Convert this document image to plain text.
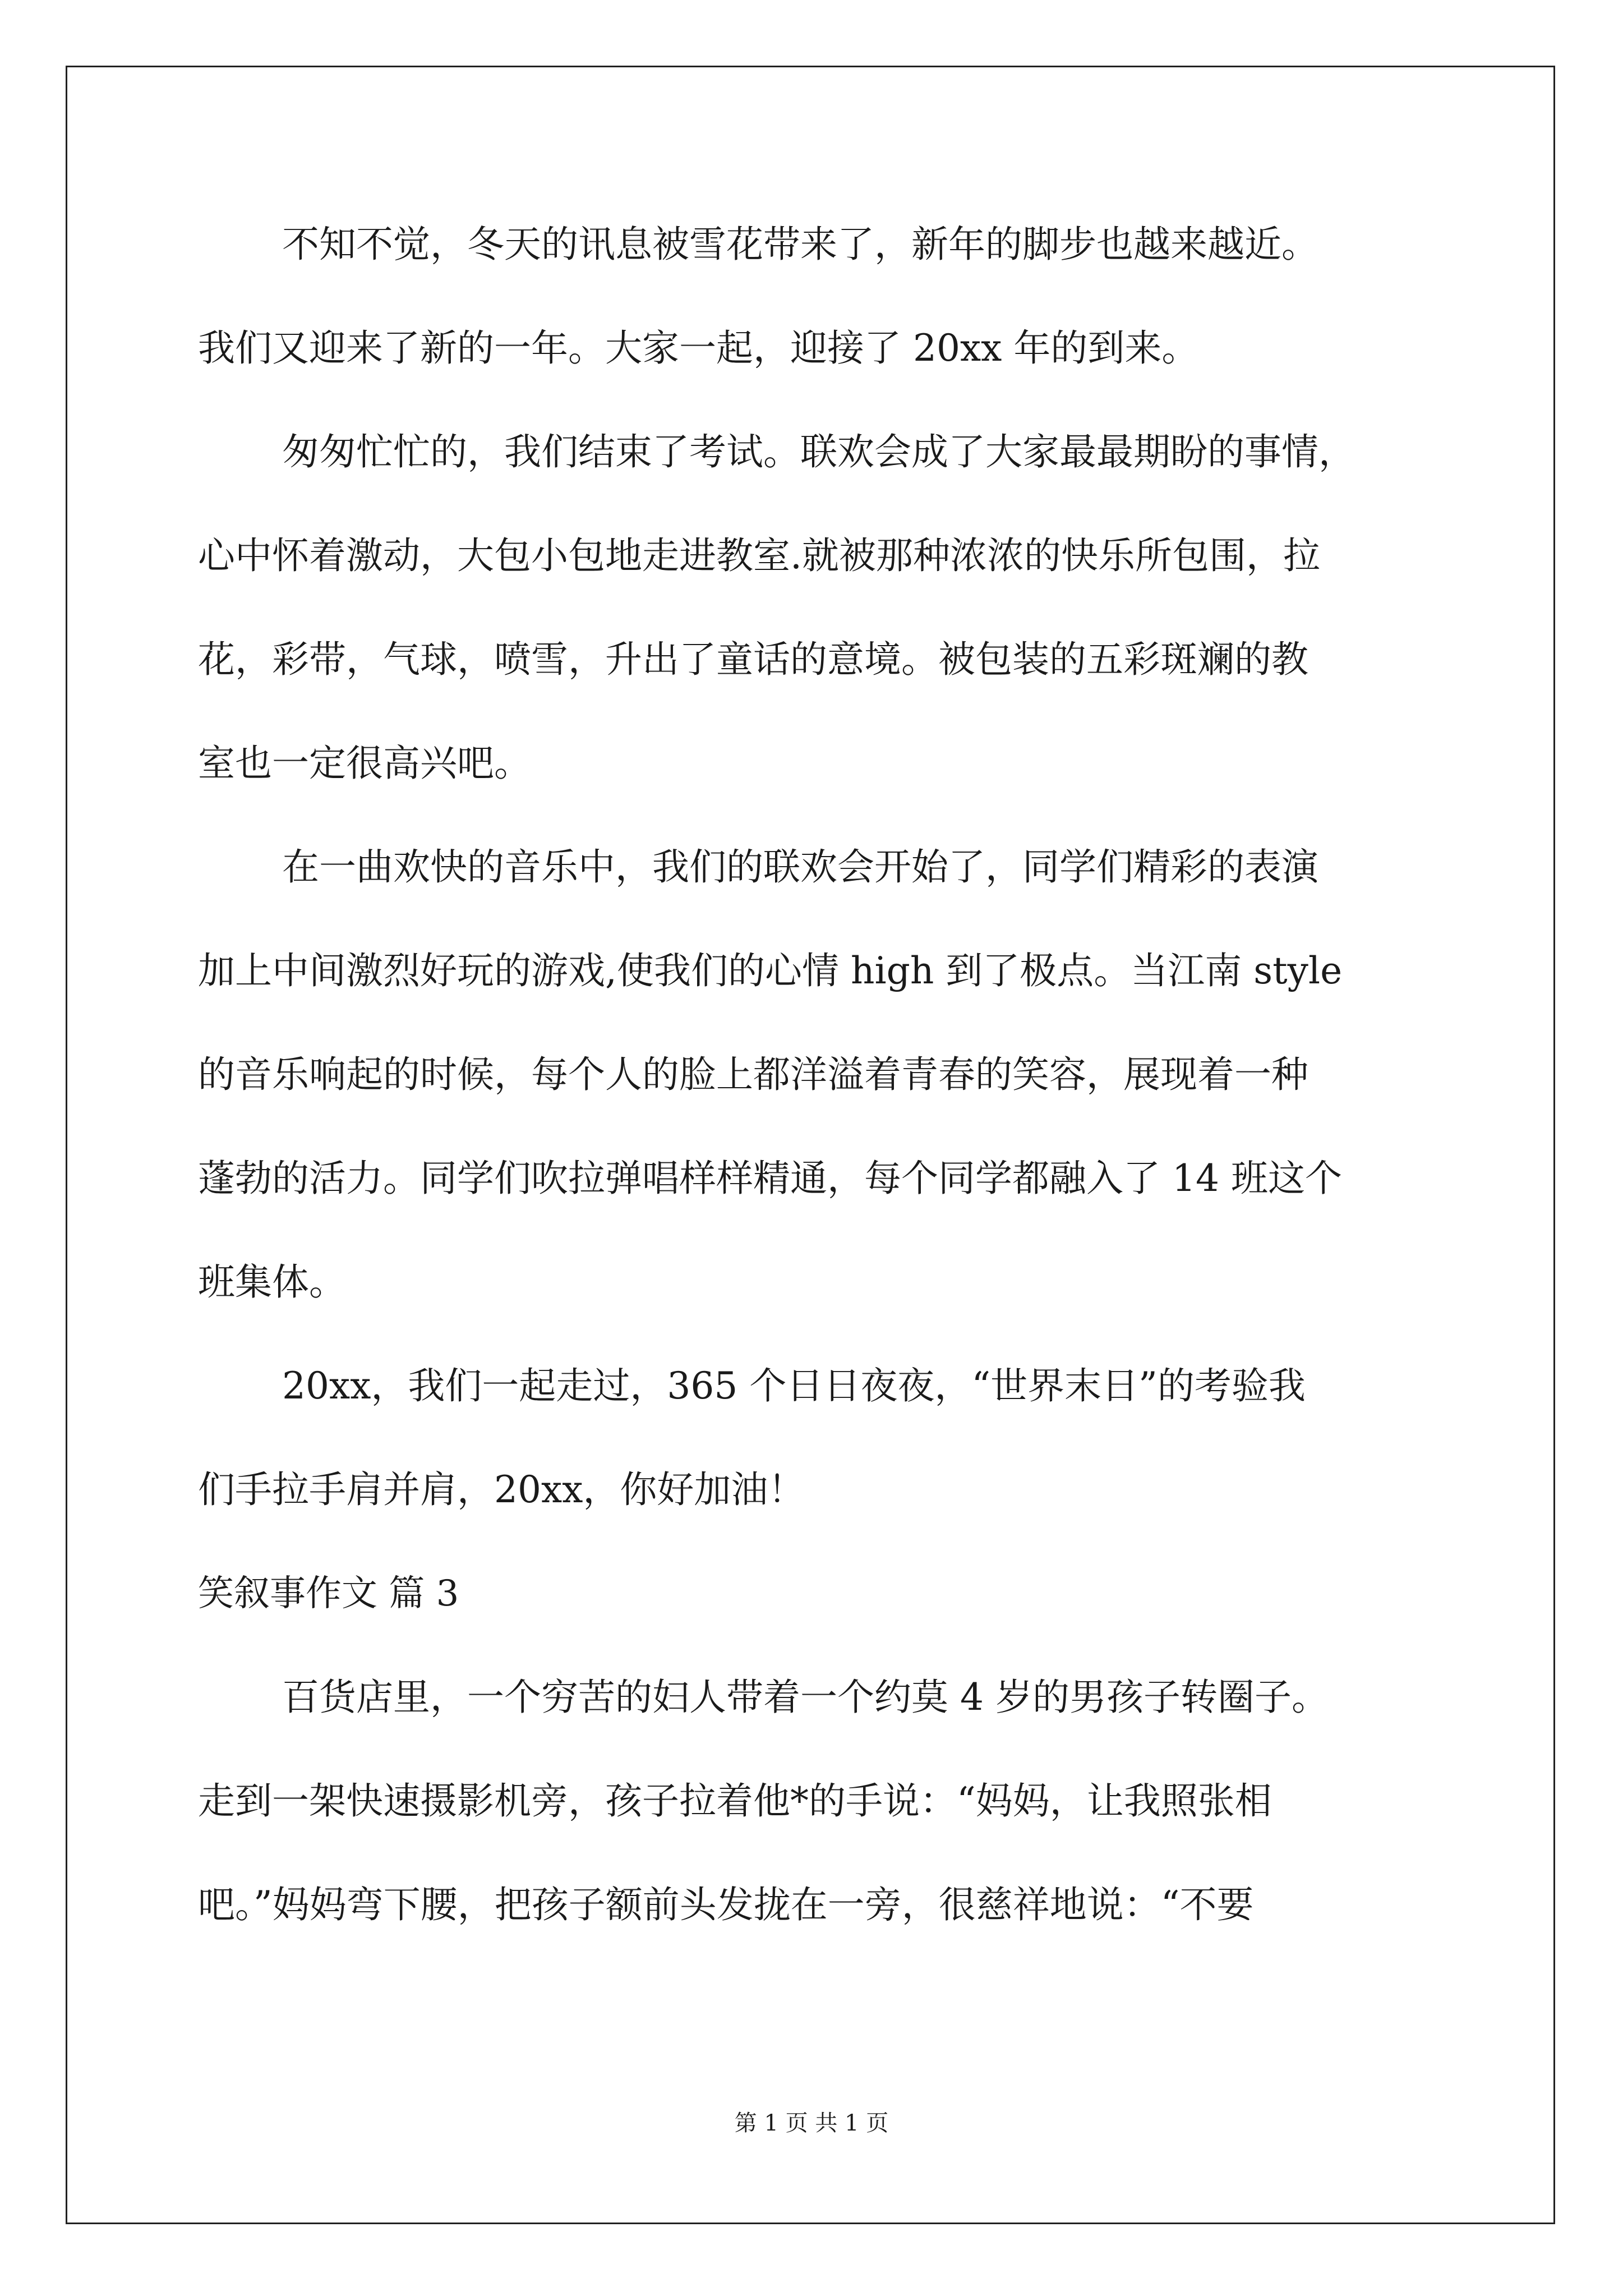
不知不觉，冬天的讯息被雪花带来了，新年的脚步也越来越近。
我们又迎来了新的一年。大家一起，迎接了 20xx 年的到来。
匆匆忙忙的，我们结束了考试。联欢会成了大家最最期盼的事情，
心中怀着激动，大包小包地走进教室.就被那种浓浓的快乐所包围，拉
花，彩带，气球，喷雪，升出了童话的意境。被包装的五彩斑斓的教
室也一定很高兴吧。
在一曲欢快的音乐中，我们的联欢会开始了，同学们精彩的表演
加上中间激烈好玩的游戏,使我们的心情 high 到了极点。当江南 style
的音乐响起的时候，每个人的脸上都洋溢着青春的笑容，展现着一种
蓬勃的活力。同学们吹拉弹唱样样精通，每个同学都融入了 14 班这个
班集体。
20xx，我们一起走过，365 个日日夜夜，“世界末日”的考验我
们手拉手肩并肩，20xx，你好加油！
笑叙事作文 篇 3
百货店里，一个穷苦的妇人带着一个约莫 4 岁的男孩子转圈子。
走到一架快速摄影机旁，孩子拉着他*的手说：“妈妈，让我照张相
吧。”妈妈弯下腰，把孩子额前头发拢在一旁，很慈祥地说：“不要
第 1 页 共 1 页
